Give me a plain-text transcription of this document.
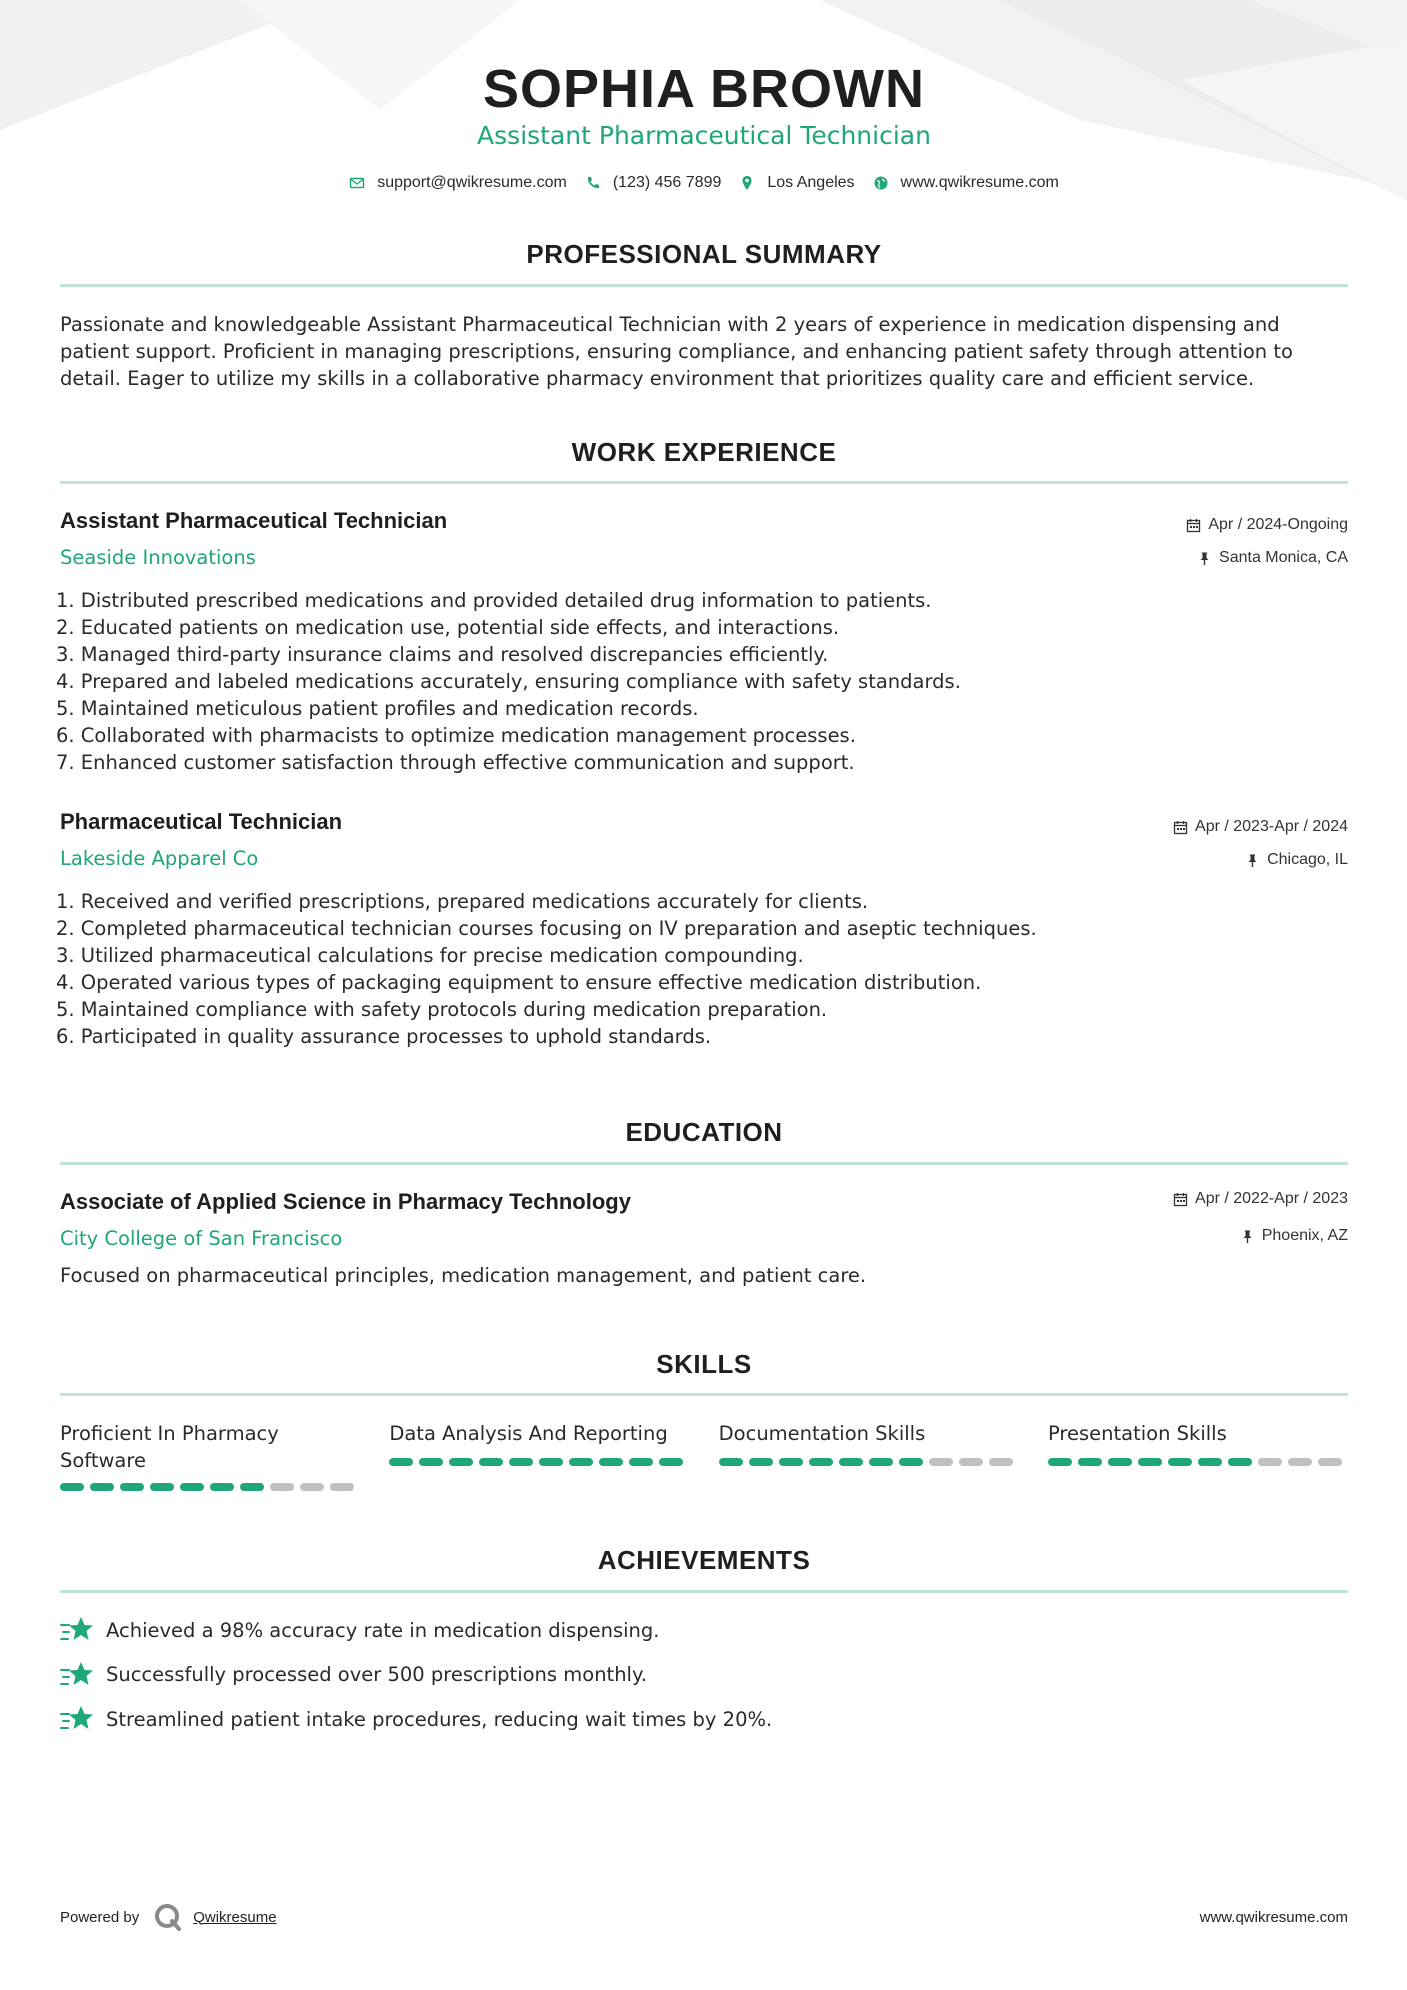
SOPHIA BROWN
Assistant Pharmaceutical Technician
support@qwikresume.com	(123) 456 7899	Los Angeles	www.qwikresume.com
PROFESSIONAL SUMMARY
Passionate and knowledgeable Assistant Pharmaceutical Technician with 2 years of experience in medication dispensing and patient support. Proficient in managing prescriptions, ensuring compliance, and enhancing patient safety through attention to detail. Eager to utilize my skills in a collaborative pharmacy environment that prioritizes quality care and efficient service.
WORK EXPERIENCE
Assistant Pharmaceutical Technician
Seaside Innovations
Apr / 2024-Ongoing
Santa Monica, CA
1. Distributed prescribed medications and provided detailed drug information to patients.
2. Educated patients on medication use, potential side effects, and interactions.
3. Managed third-party insurance claims and resolved discrepancies efficiently.
4. Prepared and labeled medications accurately, ensuring compliance with safety standards.
5. Maintained meticulous patient profiles and medication records.
6. Collaborated with pharmacists to optimize medication management processes.
7. Enhanced customer satisfaction through effective communication and support.
Pharmaceutical Technician
Lakeside Apparel Co
Apr / 2023-Apr / 2024
Chicago, IL
1. Received and verified prescriptions, prepared medications accurately for clients.
2. Completed pharmaceutical technician courses focusing on IV preparation and aseptic techniques.
3. Utilized pharmaceutical calculations for precise medication compounding.
4. Operated various types of packaging equipment to ensure effective medication distribution.
5. Maintained compliance with safety protocols during medication preparation.
6. Participated in quality assurance processes to uphold standards.
EDUCATION
Associate of Applied Science in Pharmacy Technology
City College of San Francisco
Apr / 2022-Apr / 2023
Phoenix, AZ
Focused on pharmaceutical principles, medication management, and patient care.
SKILLS
Proficient In Pharmacy Software
Data Analysis And Reporting	Documentation Skills	Presentation Skills
ACHIEVEMENTS
Achieved a 98% accuracy rate in medication dispensing.
Successfully processed over 500 prescriptions monthly.
Streamlined patient intake procedures, reducing wait times by 20%.
Powered by	Qwikresume	www.qwikresume.com
